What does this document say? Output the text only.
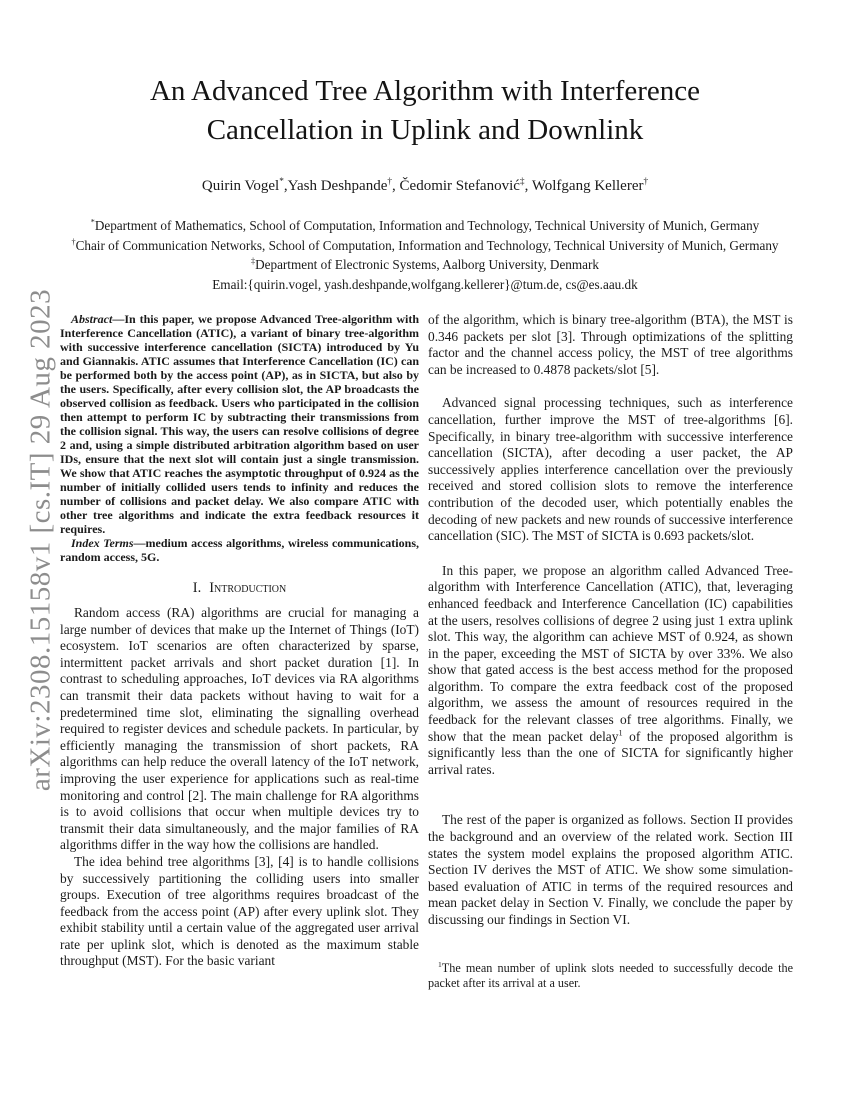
arXiv:2308.15158v1 [cs.IT] 29 Aug 2023
An Advanced Tree Algorithm with Interference
Cancellation in Uplink and Downlink
Quirin Vogel*,Yash Deshpande†, Čedomir Stefanović‡, Wolfgang Kellerer†
*Department of Mathematics, School of Computation, Information and Technology, Technical University of Munich, Germany
†Chair of Communication Networks, School of Computation, Information and Technology, Technical University of Munich, Germany
‡Department of Electronic Systems, Aalborg University, Denmark
Email:{quirin.vogel, yash.deshpande,wolfgang.kellerer}@tum.de, cs@es.aau.dk

Abstract—In this paper, we propose Advanced Tree-algorithm with Interference Cancellation (ATIC), a variant of binary tree-algorithm with successive interference cancellation (SICTA) introduced by Yu and Giannakis. ATIC assumes that Interference Cancellation (IC) can be performed both by the access point (AP), as in SICTA, but also by the users. Specifically, after every collision slot, the AP broadcasts the observed collision as feedback. Users who participated in the collision then attempt to perform IC by subtracting their transmissions from the collision signal. This way, the users can resolve collisions of degree 2 and, using a simple distributed arbitration algorithm based on user IDs, ensure that the next slot will contain just a single transmission. We show that ATIC reaches the asymptotic throughput of 0.924 as the number of initially collided users tends to infinity and reduces the number of collisions and packet delay. We also compare ATIC with other tree algorithms and indicate the extra feedback resources it requires.

Index Terms—medium access algorithms, wireless communications, random access, 5G.

I. Introduction

Random access (RA) algorithms are crucial for managing a large number of devices that make up the Internet of Things (IoT) ecosystem. IoT scenarios are often characterized by sparse, intermittent packet arrivals and short packet duration [1]. In contrast to scheduling approaches, IoT devices via RA algorithms can transmit their data packets without having to wait for a predetermined time slot, eliminating the signalling overhead required to register devices and schedule packets. In particular, by efficiently managing the transmission of short packets, RA algorithms can help reduce the overall latency of the IoT network, improving the user experience for applications such as real-time monitoring and control [2]. The main challenge for RA algorithms is to avoid collisions that occur when multiple devices try to transmit their data simultaneously, and the major families of RA algorithms differ in the way how the collisions are handled.

The idea behind tree algorithms [3], [4] is to handle collisions by successively partitioning the colliding users into smaller groups. Execution of tree algorithms requires broadcast of the feedback from the access point (AP) after every uplink slot. They exhibit stability until a certain value of the aggregated user arrival rate per uplink slot, which is denoted as the maximum stable throughput (MST). For the basic variant

of the algorithm, which is binary tree-algorithm (BTA), the MST is 0.346 packets per slot [3]. Through optimizations of the splitting factor and the channel access policy, the MST of tree algorithms can be increased to 0.4878 packets/slot [5].

Advanced signal processing techniques, such as interference cancellation, further improve the MST of tree-algorithms [6]. Specifically, in binary tree-algorithm with successive interference cancellation (SICTA), after decoding a user packet, the AP successively applies interference cancellation over the previously received and stored collision slots to remove the interference contribution of the decoded user, which potentially enables the decoding of new packets and new rounds of successive interference cancellation (SIC). The MST of SICTA is 0.693 packets/slot.

In this paper, we propose an algorithm called Advanced Tree-algorithm with Interference Cancellation (ATIC), that, leveraging enhanced feedback and Interference Cancellation (IC) capabilities at the users, resolves collisions of degree 2 using just 1 extra uplink slot. This way, the algorithm can achieve MST of 0.924, as shown in the paper, exceeding the MST of SICTA by over 33%. We also show that gated access is the best access method for the proposed algorithm. To compare the extra feedback cost of the proposed algorithm, we assess the amount of resources required in the feedback for the relevant classes of tree algorithms. Finally, we show that the mean packet delay$^1$ of the proposed algorithm is significantly less than the one of SICTA for significantly higher arrival rates.

The rest of the paper is organized as follows. Section II provides the background and an overview of the related work. Section III states the system model explains the proposed algorithm ATIC. Section IV derives the MST of ATIC. We show some simulation-based evaluation of ATIC in terms of the required resources and mean packet delay in Section V. Finally, we conclude the paper by discussing our findings in Section VI.

$^1$The mean number of uplink slots needed to successfully decode the packet after its arrival at a user.
